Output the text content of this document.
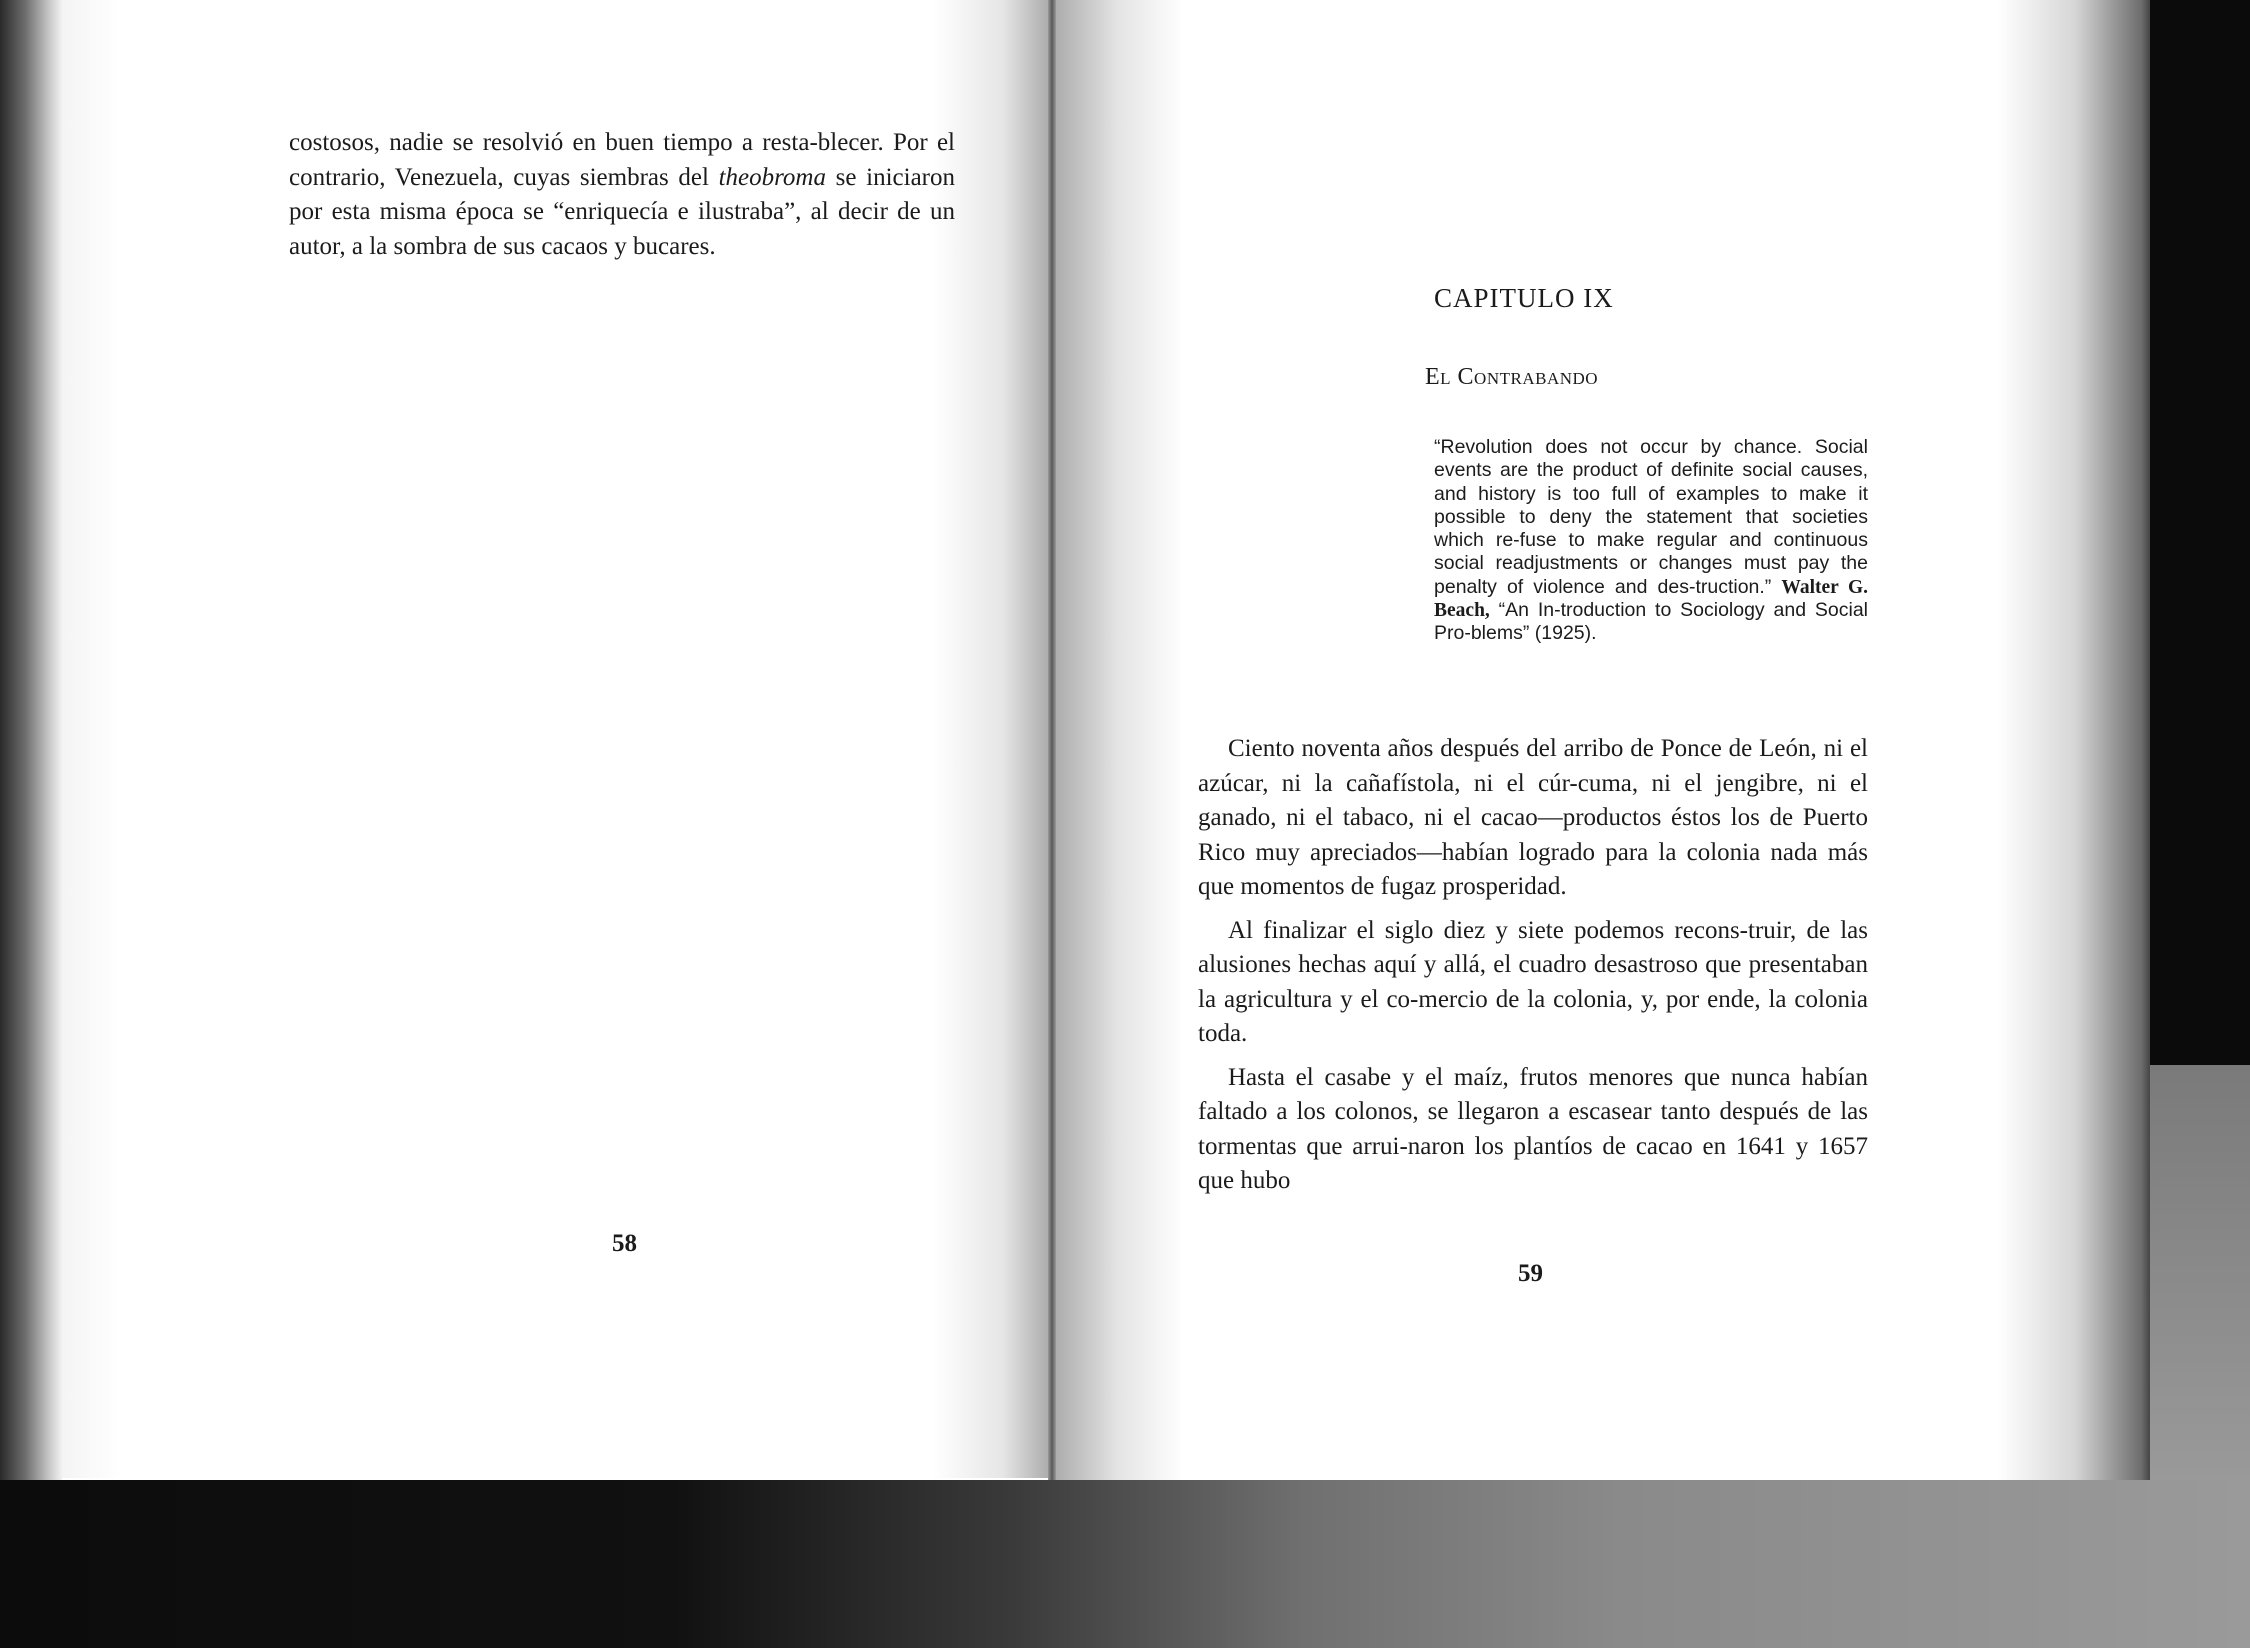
costosos, nadie se resolvió en buen tiempo a resta-blecer. Por el contrario, Venezuela, cuyas siembras del theobroma se iniciaron por esta misma época se “enriquecía e ilustraba”, al decir de un autor, a la sombra de sus cacaos y bucares.

58
CAPITULO IX
El Contrabando
“Revolution does not occur by chance. Social events are the product of definite social causes, and history is too full of examples to make it possible to deny the statement that societies which re-fuse to make regular and continuous social readjustments or changes must pay the penalty of violence and des-truction.” Walter G. Beach, “An In-troduction to Sociology and Social Pro-blems” (1925).

Ciento noventa años después del arribo de Ponce de León, ni el azúcar, ni la cañafístola, ni el cúr-cuma, ni el jengibre, ni el ganado, ni el tabaco, ni el cacao—productos éstos los de Puerto Rico muy apreciados—habían logrado para la colonia nada más que momentos de fugaz prosperidad.

Al finalizar el siglo diez y siete podemos recons-truir, de las alusiones hechas aquí y allá, el cuadro desastroso que presentaban la agricultura y el co-mercio de la colonia, y, por ende, la colonia toda.

Hasta el casabe y el maíz, frutos menores que nunca habían faltado a los colonos, se llegaron a escasear tanto después de las tormentas que arrui-naron los plantíos de cacao en 1641 y 1657 que hubo

59
